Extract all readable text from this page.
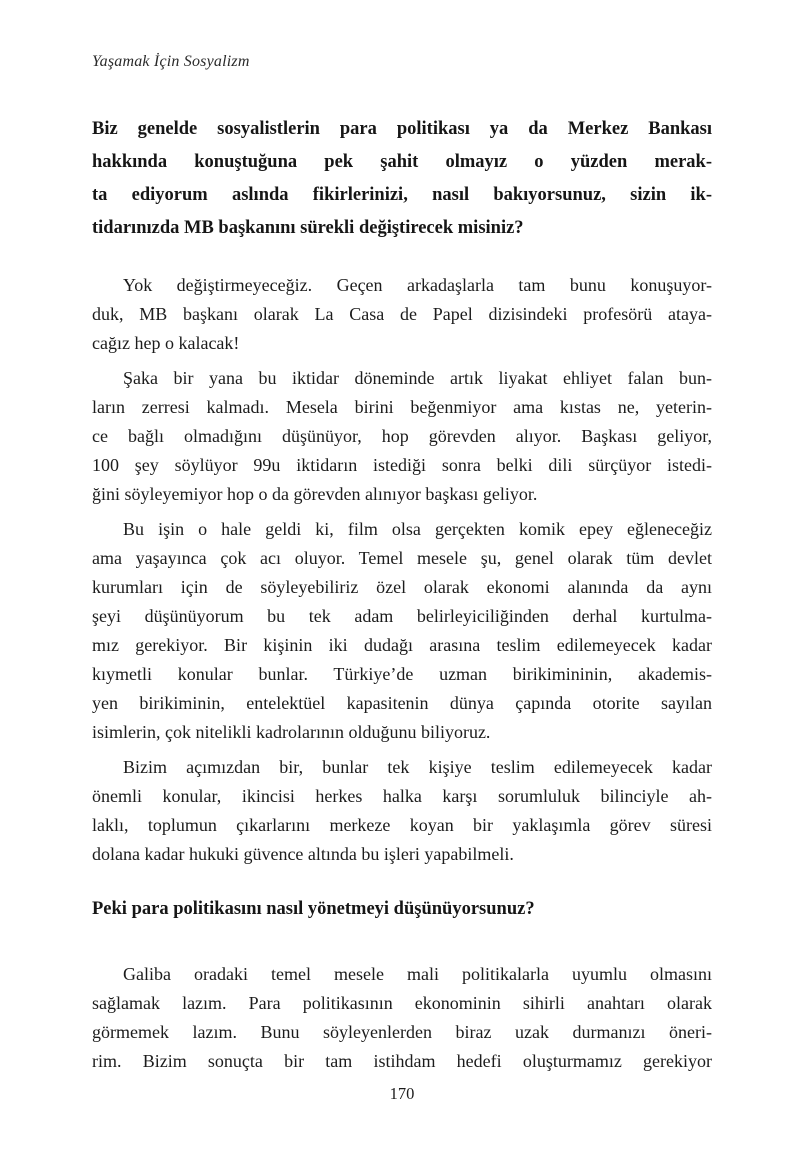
Yaşamak İçin Sosyalizm
Biz genelde sosyalistlerin para politikası ya da Merkez Bankası
hakkında konuştuğuna pek şahit olmayız o yüzden merak-
ta ediyorum aslında fikirlerinizi, nasıl bakıyorsunuz, sizin ik-
tidarınızda MB başkanını sürekli değiştirecek misiniz?
Yok değiştirmeyeceğiz. Geçen arkadaşlarla tam bunu konuşuyor-
duk, MB başkanı olarak La Casa de Papel dizisindeki profesörü ataya-
cağız hep o kalacak!
Şaka bir yana bu iktidar döneminde artık liyakat ehliyet falan bun-
ların zerresi kalmadı. Mesela birini beğenmiyor ama kıstas ne, yeterin-
ce bağlı olmadığını düşünüyor, hop görevden alıyor. Başkası geliyor,
100 şey söylüyor 99u iktidarın istediği sonra belki dili sürçüyor istedi-
ğini söyleyemiyor hop o da görevden alınıyor başkası geliyor.
Bu işin o hale geldi ki, film olsa gerçekten komik epey eğleneceğiz
ama yaşayınca çok acı oluyor. Temel mesele şu, genel olarak tüm devlet
kurumları için de söyleyebiliriz özel olarak ekonomi alanında da aynı
şeyi düşünüyorum bu tek adam belirleyiciliğinden derhal kurtulma-
mız gerekiyor. Bir kişinin iki dudağı arasına teslim edilemeyecek kadar
kıymetli konular bunlar. Türkiye’de uzman birikimininin, akademis-
yen birikiminin, entelektüel kapasitenin dünya çapında otorite sayılan
isimlerin, çok nitelikli kadrolarının olduğunu biliyoruz.
Bizim açımızdan bir, bunlar tek kişiye teslim edilemeyecek kadar
önemli konular, ikincisi herkes halka karşı sorumluluk bilinciyle ah-
laklı, toplumun çıkarlarını merkeze koyan bir yaklaşımla görev süresi
dolana kadar hukuki güvence altında bu işleri yapabilmeli.
Peki para politikasını nasıl yönetmeyi düşünüyorsunuz?
Galiba oradaki temel mesele mali politikalarla uyumlu olmasını
sağlamak lazım. Para politikasının ekonominin sihirli anahtarı olarak
görmemek lazım. Bunu söyleyenlerden biraz uzak durmanızı öneri-
rim. Bizim sonuçta bir tam istihdam hedefi oluşturmamız gerekiyor
170
